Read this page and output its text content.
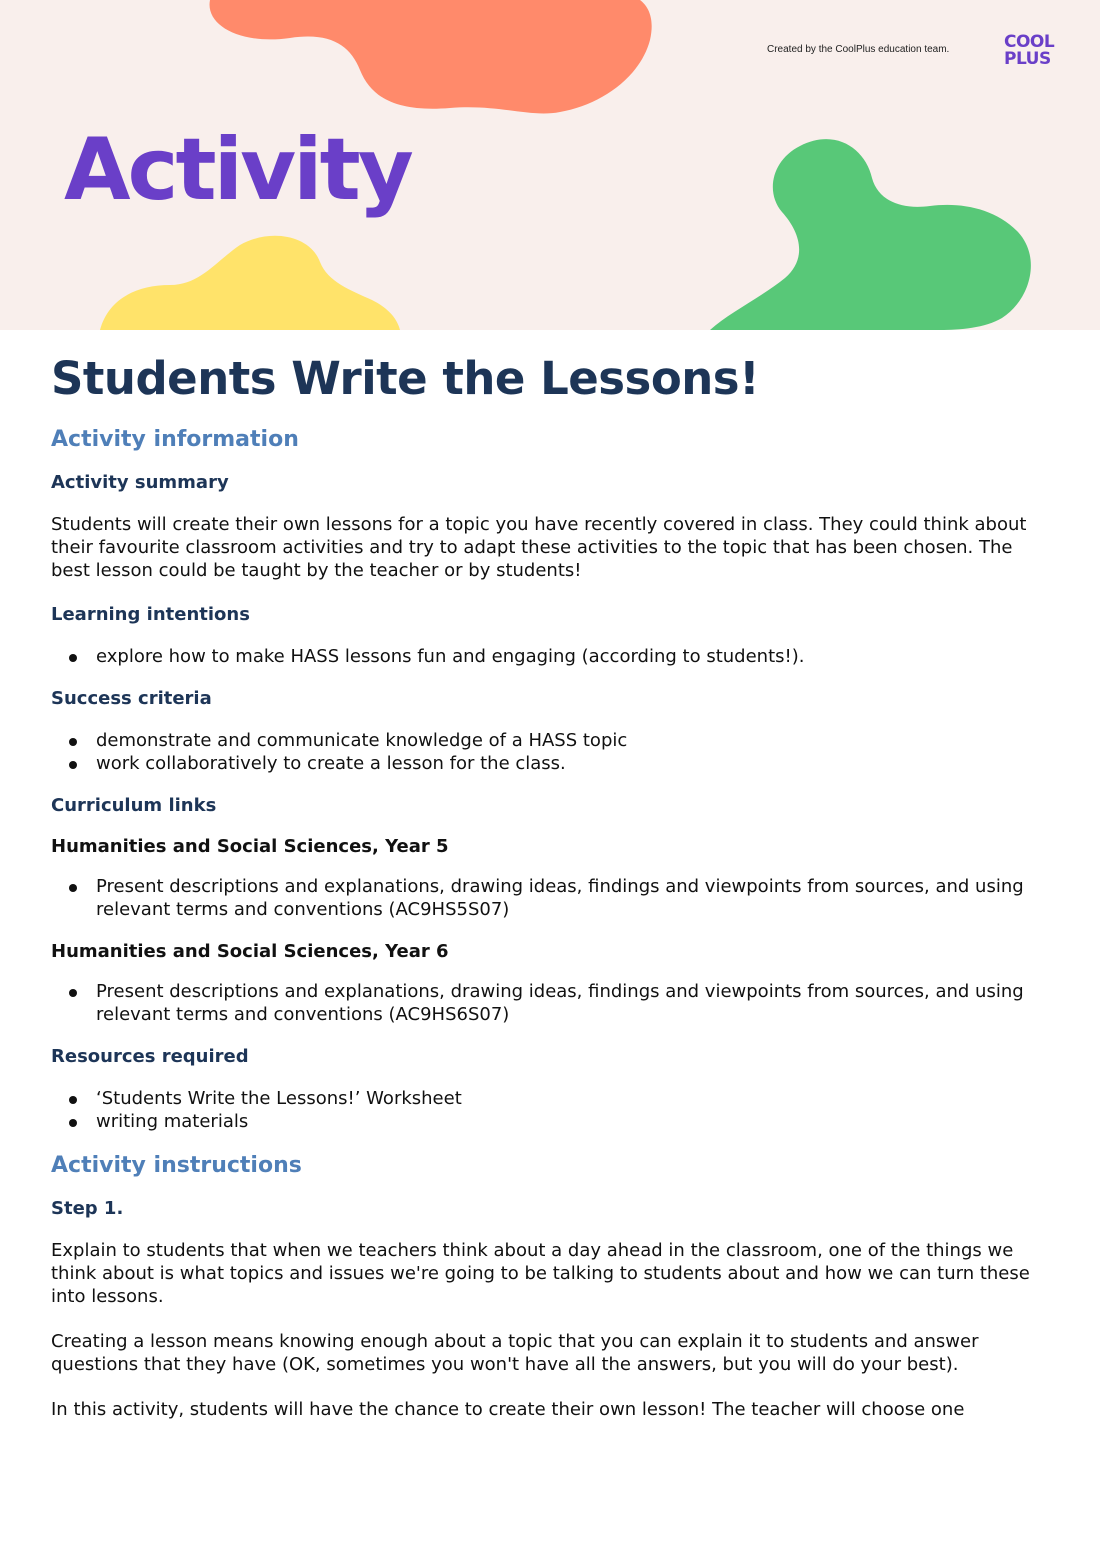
Created by the CoolPlus education team.	COOL
PLUS
Activity
Students Write the Lessons!
Activity information
Activity summary

Students will create their own lessons for a topic you have recently covered in class. They could think about their favourite classroom activities and try to adapt these activities to the topic that has been chosen. The best lesson could be taught by the teacher or by students!

Learning intentions
explore how to make HASS lessons fun and engaging (according to students!).
Success criteria
demonstrate and communicate knowledge of a HASS topic
work collaboratively to create a lesson for the class.
Curriculum links
Humanities and Social Sciences, Year 5
Present descriptions and explanations, drawing ideas, findings and viewpoints from sources, and using relevant terms and conventions (AC9HS5S07)
Humanities and Social Sciences, Year 6
Present descriptions and explanations, drawing ideas, findings and viewpoints from sources, and using relevant terms and conventions (AC9HS6S07)
Resources required
‘Students Write the Lessons!’ Worksheet
writing materials
Activity instructions
Step 1.

Explain to students that when we teachers think about a day ahead in the classroom, one of the things we think about is what topics and issues we're going to be talking to students about and how we can turn these into lessons.

Creating a lesson means knowing enough about a topic that you can explain it to students and answer questions that they have (OK, sometimes you won't have all the answers, but you will do your best).

In this activity, students will have the chance to create their own lesson! The teacher will choose one
